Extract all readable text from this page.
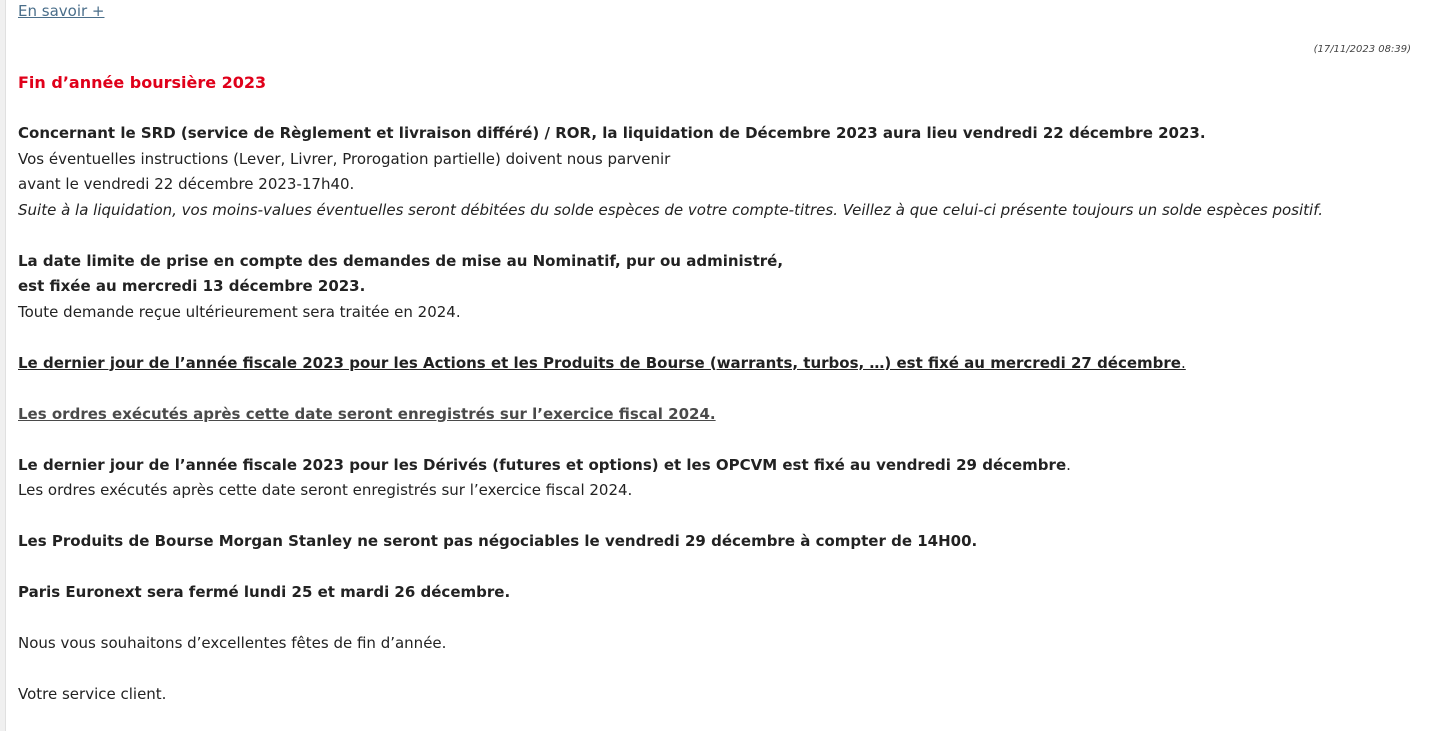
En savoir +
(17/11/2023 08:39)

Fin d’année boursière 2023

Concernant le SRD (service de Règlement et livraison différé) / ROR, la liquidation de Décembre 2023 aura lieu vendredi 22 décembre 2023.

Vos éventuelles instructions (Lever, Livrer, Prorogation partielle) doivent nous parvenir

avant le vendredi 22 décembre 2023-17h40.

Suite à la liquidation, vos moins-values éventuelles seront débitées du solde espèces de votre compte-titres. Veillez à que celui-ci présente toujours un solde espèces positif.

La date limite de prise en compte des demandes de mise au Nominatif, pur ou administré,

est fixée au mercredi 13 décembre 2023.

Toute demande reçue ultérieurement sera traitée en 2024.

Le dernier jour de l’année fiscale 2023 pour les Actions et les Produits de Bourse (warrants, turbos, …) est fixé au mercredi 27 décembre.

Les ordres exécutés après cette date seront enregistrés sur l’exercice fiscal 2024.

Le dernier jour de l’année fiscale 2023 pour les Dérivés (futures et options) et les OPCVM est fixé au vendredi 29 décembre.

Les ordres exécutés après cette date seront enregistrés sur l’exercice fiscal 2024.

Les Produits de Bourse Morgan Stanley ne seront pas négociables le vendredi 29 décembre à compter de 14H00.

Paris Euronext sera fermé lundi 25 et mardi 26 décembre.

Nous vous souhaitons d’excellentes fêtes de fin d’année.

Votre service client.
